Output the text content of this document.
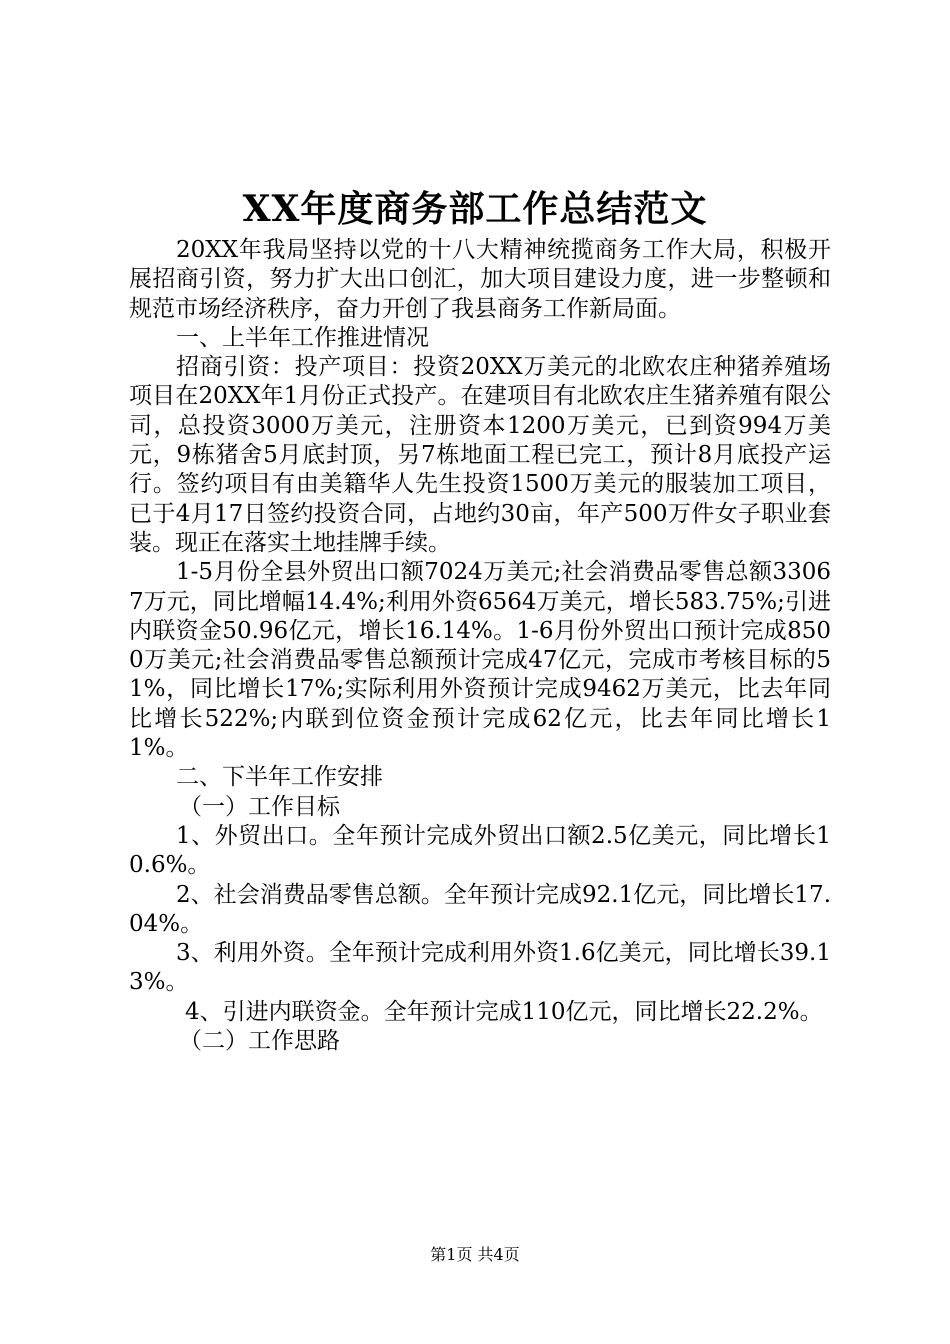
XX年度商务部工作总结范文

20XX年我局坚持以党的十八大精神统揽商务工作大局，积极开展招商引资，努力扩大出口创汇，加大项目建设力度，进一步整顿和规范市场经济秩序，奋力开创了我县商务工作新局面。

一、上半年工作推进情况

招商引资：投产项目：投资20XX万美元的北欧农庄种猪养殖场项目在20XX年1月份正式投产。在建项目有北欧农庄生猪养殖有限公司，总投资3000万美元，注册资本1200万美元，已到资994万美元，9栋猪舍5月底封顶，另7栋地面工程已完工，预计8月底投产运行。签约项目有由美籍华人先生投资1500万美元的服装加工项目，已于4月17日签约投资合同，占地约30亩，年产500万件女子职业套装。现正在落实土地挂牌手续。

1-5月份全县外贸出口额7024万美元;社会消费品零售总额33067万元，同比增幅14.4%;利用外资6564万美元，增长583.75%;引进内联资金50.96亿元，增长16.14%。1-6月份外贸出口预计完成8500万美元;社会消费品零售总额预计完成47亿元，完成市考核目标的51%，同比增长17%;实际利用外资预计完成9462万美元，比去年同比增长522%;内联到位资金预计完成62亿元，比去年同比增长11%。

二、下半年工作安排

（一）工作目标

1、外贸出口。全年预计完成外贸出口额2.5亿美元，同比增长10.6%。

2、社会消费品零售总额。全年预计完成92.1亿元，同比增长17.04%。

3、利用外资。全年预计完成利用外资1.6亿美元，同比增长39.13%。

4、引进内联资金。全年预计完成110亿元，同比增长22.2%。

（二）工作思路

第1页 共4页
